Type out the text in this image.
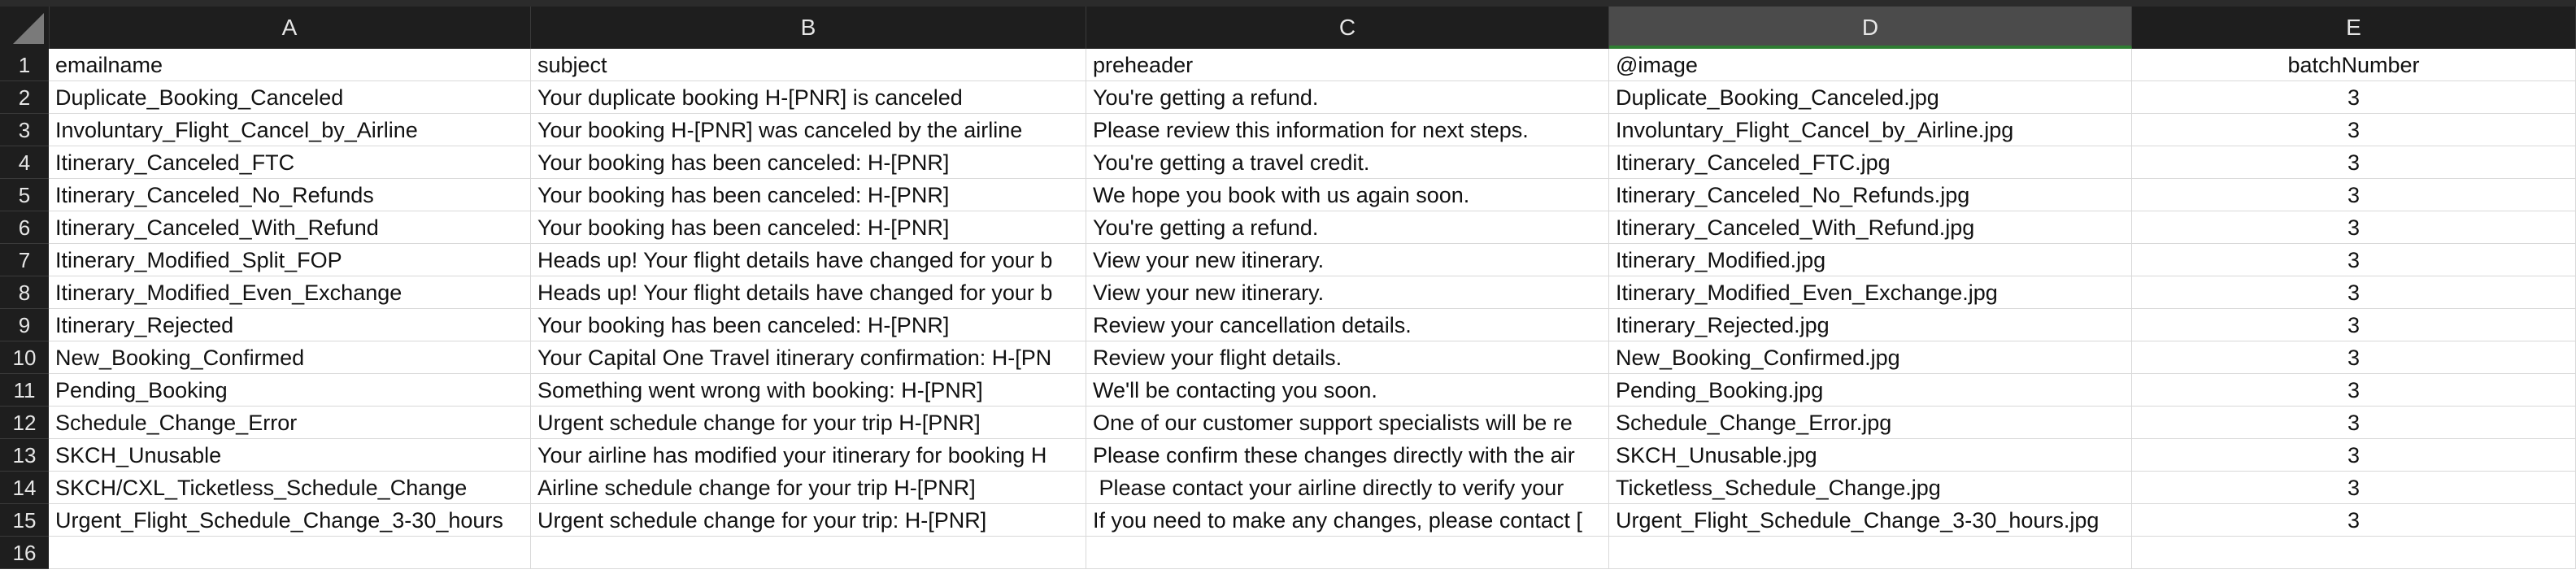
A	B	C	D	E
1	emailname	subject	preheader	@image	batchNumber
2	Duplicate_Booking_Canceled	Your duplicate booking H-[PNR] is canceled	You're getting a refund.	Duplicate_Booking_Canceled.jpg	3
3	Involuntary_Flight_Cancel_by_Airline	Your booking H-[PNR] was canceled by the airline	Please review this information for next steps.	Involuntary_Flight_Cancel_by_Airline.jpg	3
4	Itinerary_Canceled_FTC	Your booking has been canceled: H-[PNR]	You're getting a travel credit.	Itinerary_Canceled_FTC.jpg	3
5	Itinerary_Canceled_No_Refunds	Your booking has been canceled: H-[PNR]	We hope you book with us again soon.	Itinerary_Canceled_No_Refunds.jpg	3
6	Itinerary_Canceled_With_Refund	Your booking has been canceled: H-[PNR]	You're getting a refund.	Itinerary_Canceled_With_Refund.jpg	3
7	Itinerary_Modified_Split_FOP	Heads up! Your flight details have changed for your b	View your new itinerary.	Itinerary_Modified.jpg	3
8	Itinerary_Modified_Even_Exchange	Heads up! Your flight details have changed for your b	View your new itinerary.	Itinerary_Modified_Even_Exchange.jpg	3
9	Itinerary_Rejected	Your booking has been canceled: H-[PNR]	Review your cancellation details.	Itinerary_Rejected.jpg	3
10 New_Booking_Confirmed	Your Capital One Travel itinerary confirmation: H-[PN	Review your flight details.	New_Booking_Confirmed.jpg	3
11 Pending_Booking	Something went wrong with booking: H-[PNR]	We'll be contacting you soon.	Pending_Booking.jpg	3
12 Schedule_Change_Error	Urgent schedule change for your trip H-[PNR]	One of our customer support specialists will be re	Schedule_Change_Error.jpg	3
13 SKCH_Unusable	Your airline has modified your itinerary for booking H	Please confirm these changes directly with the air	SKCH_Unusable.jpg	3
14 SKCH/CXL_Ticketless_Schedule_Change	Airline schedule change for your trip H-[PNR]	Please contact your airline directly to verify your	Ticketless_Schedule_Change.jpg	3
15 Urgent_Flight_Schedule_Change_3-30_hours	Urgent schedule change for your trip: H-[PNR]	If you need to make any changes, please contact [	Urgent_Flight_Schedule_Change_3-30_hours.jpg	3
16
